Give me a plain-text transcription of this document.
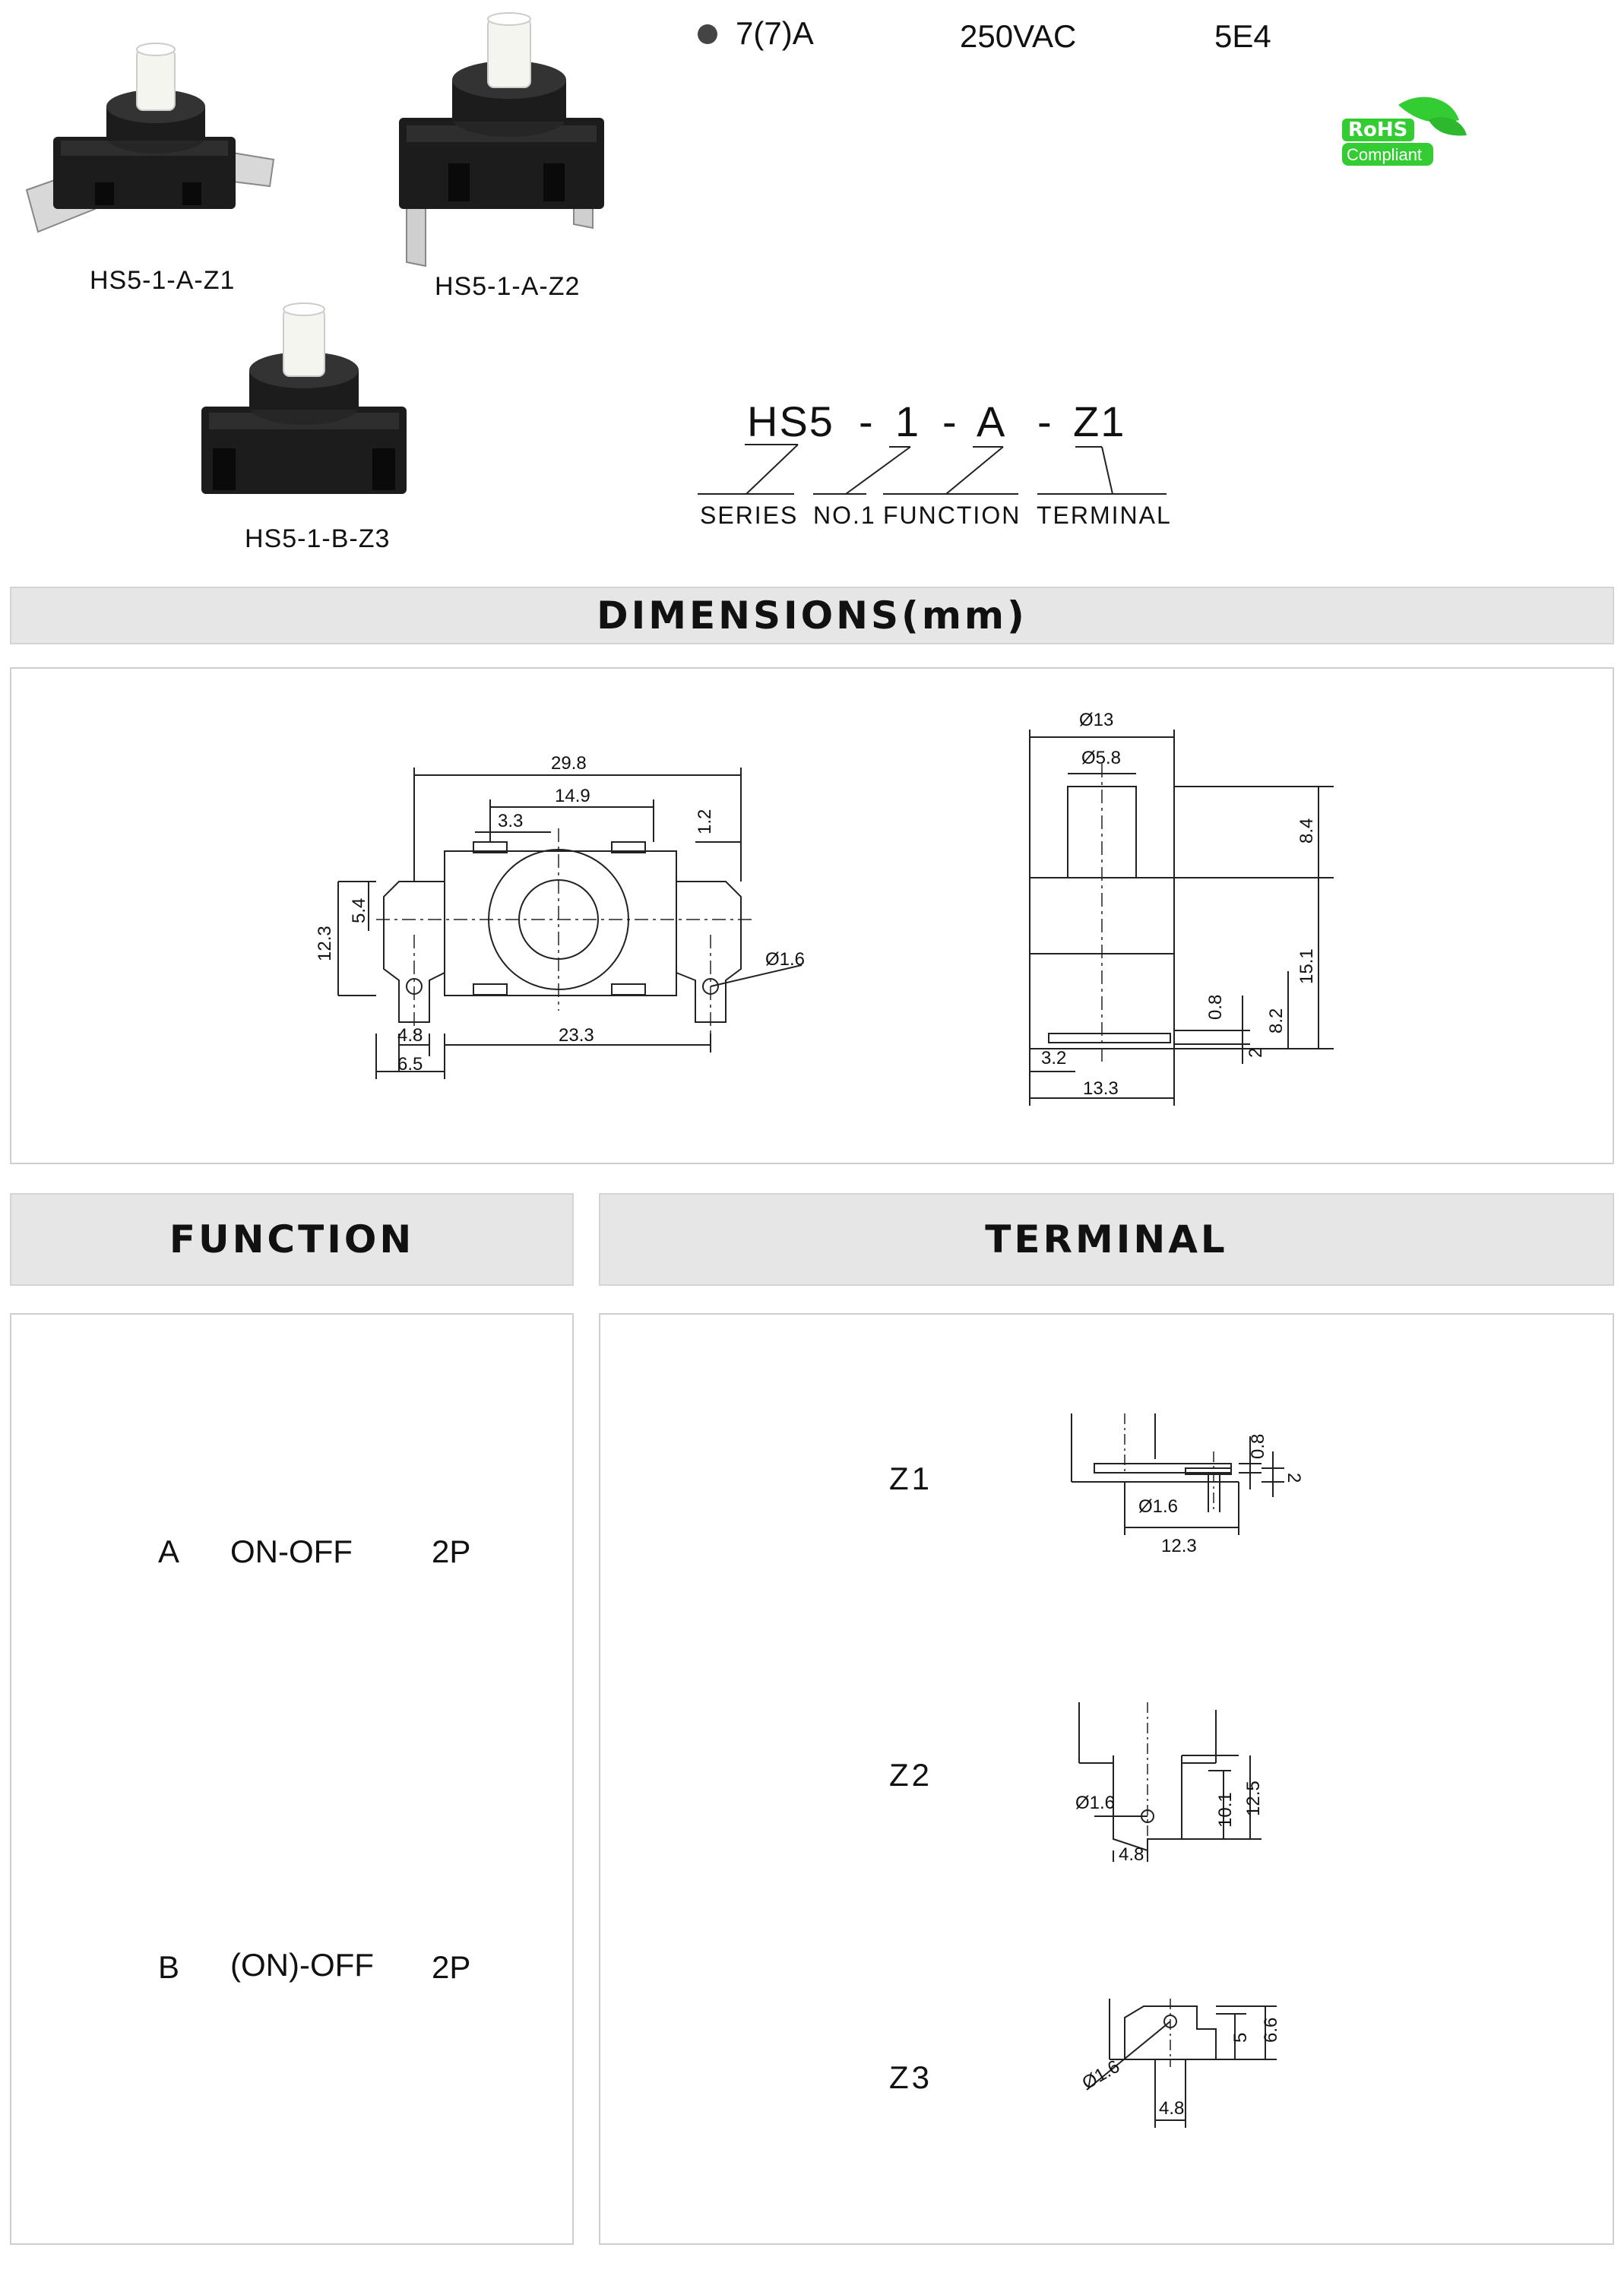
HS5-1-A-Z1	HS5-1-A-Z2
HS5-1-B-Z3
7(7)A	250VAC	5E4
RoHS
Compliant
HS5 - 1 - A - Z1
SERIES NO.1 FUNCTION TERMINAL
DIMENSIONS(mm)
29.8
14.9
3.3	1.2
5.4
12.3	Ø1.6
4.8	23.3
6.5
Ø13
Ø5.8
8.4
15.1
0.8
8.2
2
3.2
13.3
FUNCTION	TERMINAL
A ON-OFF 2P
B (ON)-OFF 2P
Z1
0.8
2
Ø1.6
12.3
Z2
Ø1.6	10.1 12.5
4.8
Z3	Ø1.6
5 6.6
4.8
